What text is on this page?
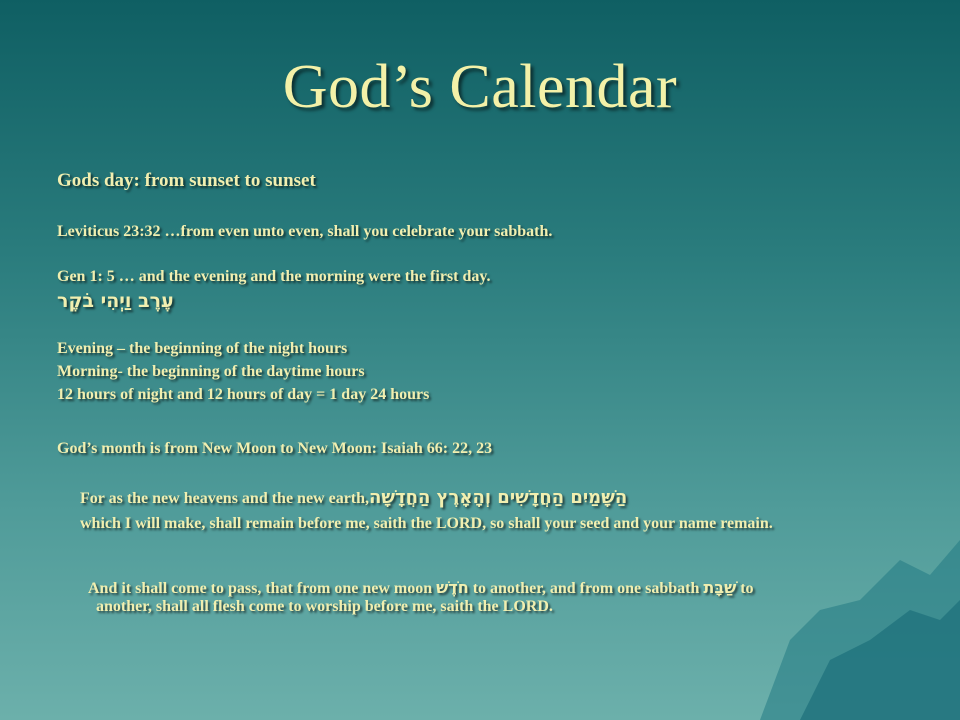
God’s Calendar
Gods day: from sunset to sunset
Leviticus 23:32 …from even unto even, shall you celebrate your sabbath.
Gen 1: 5 … and the evening and the morning were the first day.
עֶרֶב וַיְהִי בֹקֶר
Evening – the beginning of the night hours
Morning- the beginning of the daytime hours
12 hours of night and 12 hours of day = 1 day 24 hours
God’s month is from New Moon to New Moon: Isaiah 66: 22, 23
For as the new heavens and the new earth,הַשָּׁמַיִם הַחֲדָשִׁים וְהָאָרֶץ הַחֲדָשָׁה
which I will make, shall remain before me, saith the LORD, so shall your seed and your name remain.
And it shall come to pass, that from one new moon חֹדֶשׁ to another, and from one sabbath שַׁבָּת to
another, shall all flesh come to worship before me, saith the LORD.
